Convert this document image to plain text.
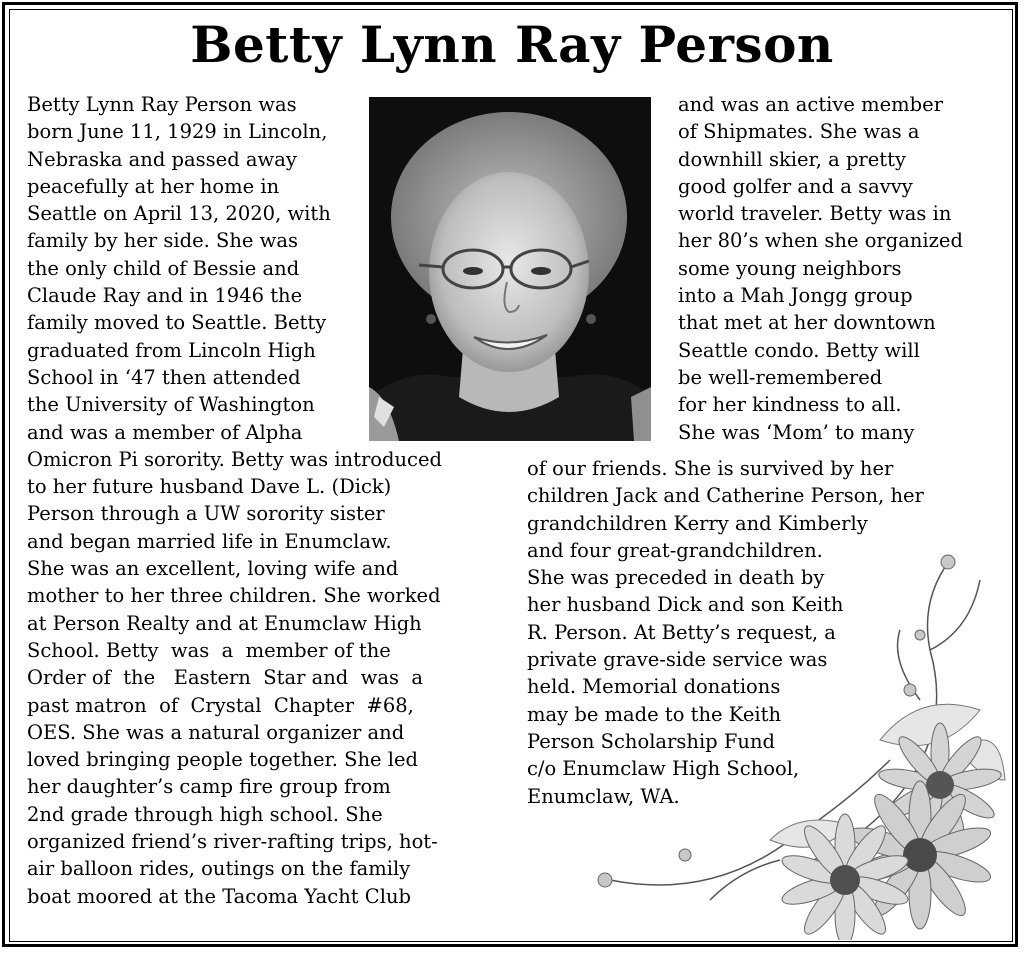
Betty Lynn Ray Person
Betty Lynn Ray Person was
born June 11, 1929 in Lincoln,
Nebraska and passed away
peacefully at her home in
Seattle on April 13, 2020, with
family by her side. She was
the only child of Bessie and
Claude Ray and in 1946 the
family moved to Seattle. Betty
graduated from Lincoln High
School in ‘47 then attended
the University of Washington
and was a member of Alpha
Omicron Pi sorority. Betty was introduced
to her future husband Dave L. (Dick)
Person through a UW sorority sister
and began married life in Enumclaw.
She was an excellent, loving wife and
mother to her three children. She worked
at Person Realty and at Enumclaw High
School. Betty  was  a  member of the
Order of  the   Eastern  Star and  was  a
past matron  of  Crystal  Chapter  #68,
OES. She was a natural organizer and
loved bringing people together. She led
her daughter’s camp fire group from
2nd grade through high school. She
organized friend’s river-rafting trips, hot-
air balloon rides, outings on the family
boat moored at the Tacoma Yacht Club
and was an active member
of Shipmates. She was a
downhill skier, a pretty
good golfer and a savvy
world traveler. Betty was in
her 80’s when she organized
some young neighbors
into a Mah Jongg group
that met at her downtown
Seattle condo. Betty will
be well-remembered
for her kindness to all.
She was ‘Mom’ to many
of our friends. She is survived by her
children Jack and Catherine Person, her
grandchildren Kerry and Kimberly
and four great-grandchildren.
She was preceded in death by
her husband Dick and son Keith
R. Person. At Betty’s request, a
private grave-side service was
held. Memorial donations
may be made to the Keith
Person Scholarship Fund
c/o Enumclaw High School,
Enumclaw, WA.
